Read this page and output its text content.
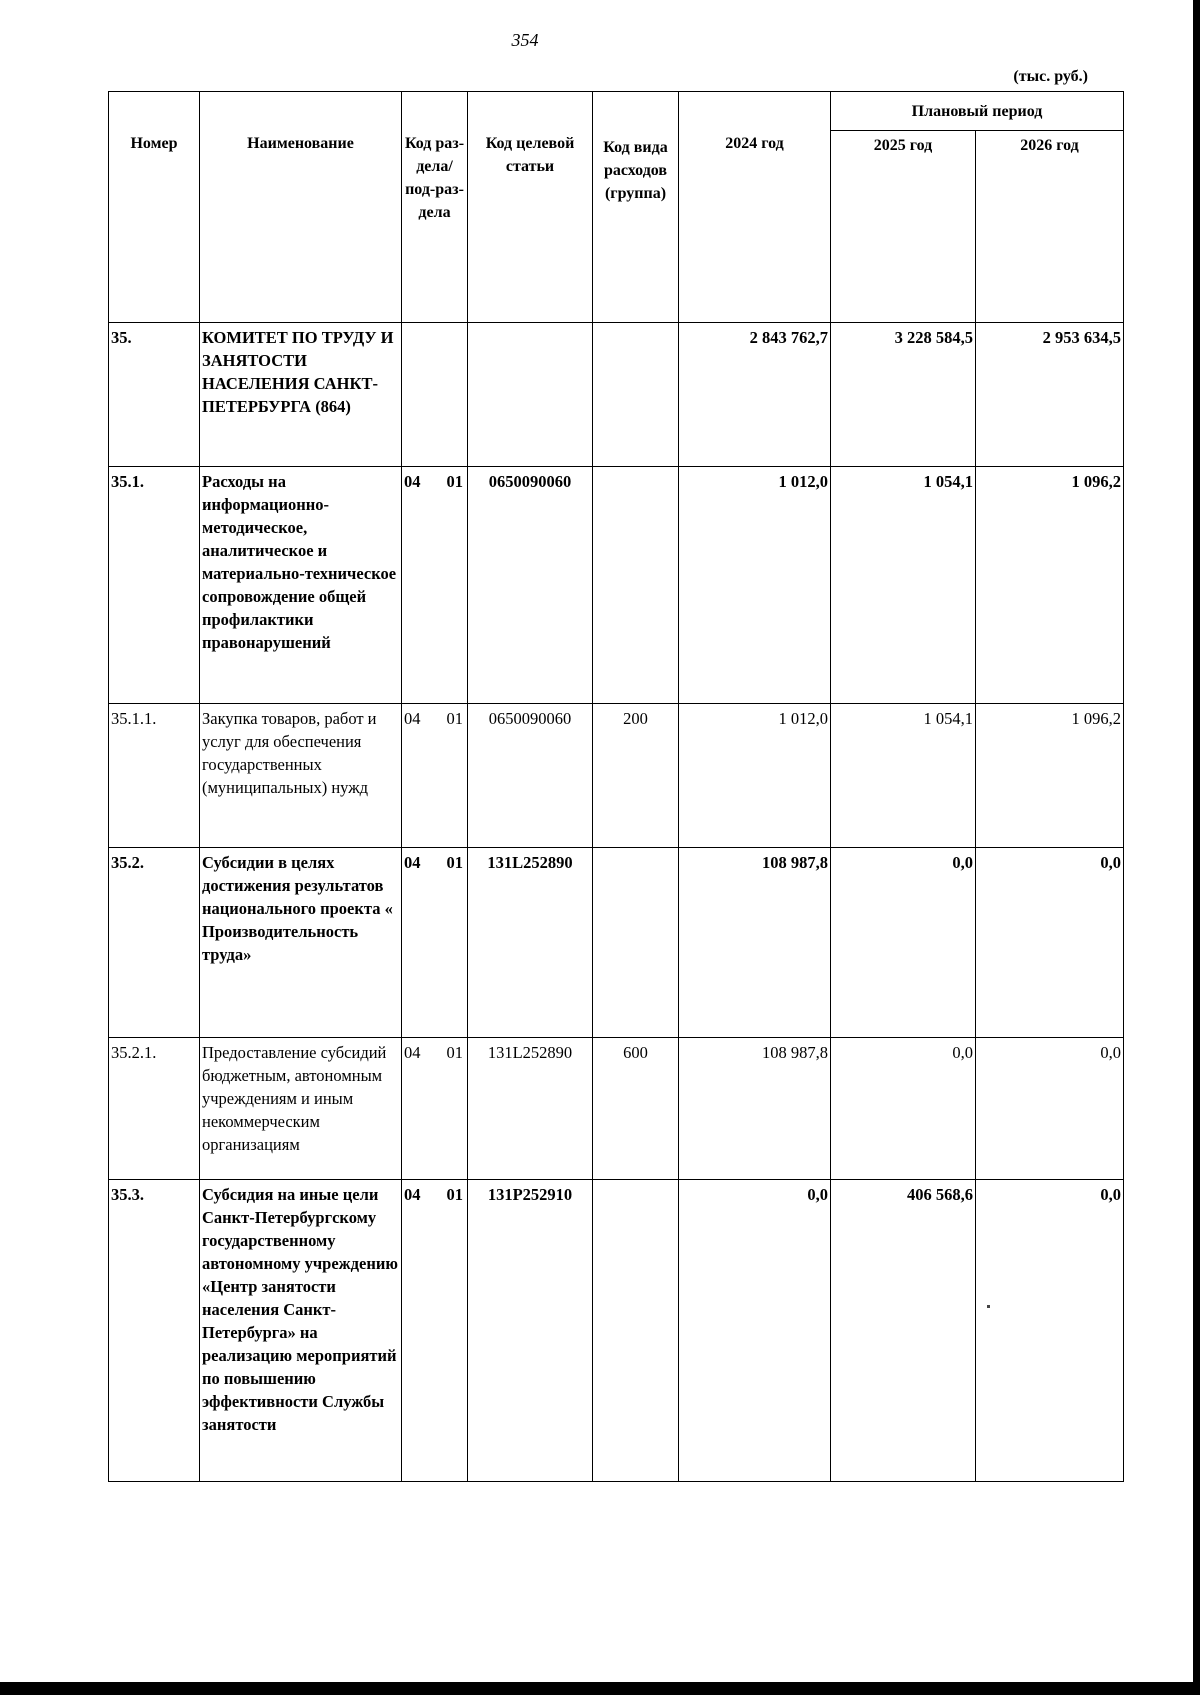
354
(тыс. руб.)
Номер	Наименование	Код раз-дела/ под-раз-дела	Код целевой статьи	Код вида расходов (группа)	2024 год	Плановый период	
						2025 год	2026 год
35.	КОМИТЕТ ПО ТРУДУ И ЗАНЯТОСТИ НАСЕЛЕНИЯ САНКТ-ПЕТЕРБУРГА (864)				2 843 762,7	3 228 584,5	2 953 634,5
35.1.	Расходы на информационно-методическое, аналитическое и материально-техническое сопровождение общей профилактики правонарушений	04 01	0650090060		1 012,0	1 054,1	1 096,2
35.1.1.	Закупка товаров, работ и услуг для обеспечения государственных (муниципальных) нужд	04 01	0650090060	200	1 012,0	1 054,1	1 096,2
35.2.	Субсидии в целях достижения результатов национального проекта « Производительность труда»	04 01	131L252890		108 987,8	0,0	0,0
35.2.1.	Предоставление субсидий бюджетным, автономным учреждениям и иным некоммерческим организациям	04 01	131L252890	600	108 987,8	0,0	0,0
35.3.	Субсидия на иные цели Санкт-Петербургскому государственному автономному учреждению «Центр занятости населения Санкт-Петербурга» на реализацию мероприятий по повышению эффективности Службы занятости	04 01	131P252910		0,0	406 568,6	0,0
